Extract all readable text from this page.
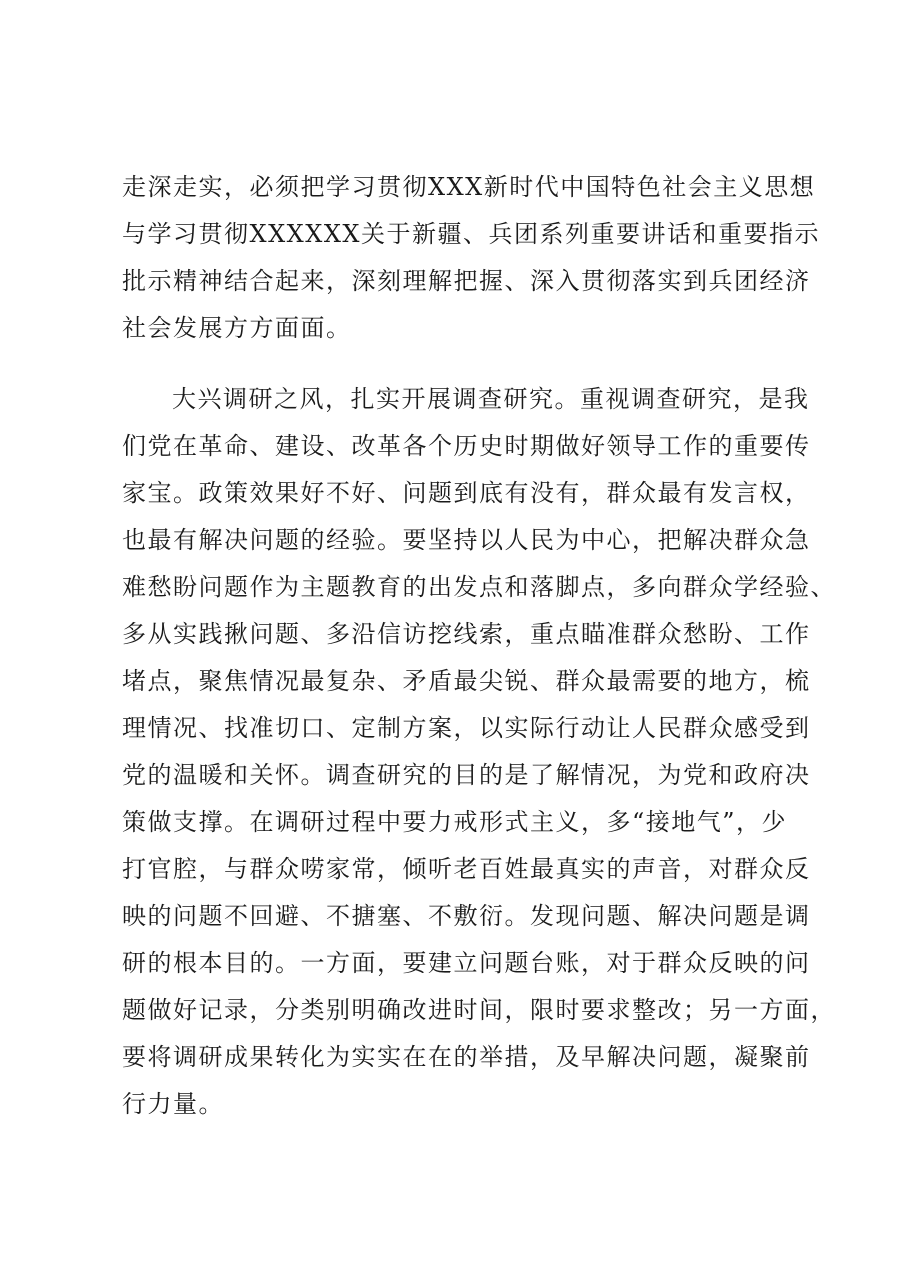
走深走实，必须把学习贯彻XXX新时代中国特色社会主义思想
与学习贯彻XXXXXX关于新疆、兵团系列重要讲话和重要指示
批示精神结合起来，深刻理解把握、深入贯彻落实到兵团经济
社会发展方方面面。
大兴调研之风，扎实开展调查研究。重视调查研究，是我
们党在革命、建设、改革各个历史时期做好领导工作的重要传
家宝。政策效果好不好、问题到底有没有，群众最有发言权，
也最有解决问题的经验。要坚持以人民为中心，把解决群众急
难愁盼问题作为主题教育的出发点和落脚点，多向群众学经验、
多从实践揪问题、多沿信访挖线索，重点瞄准群众愁盼、工作
堵点，聚焦情况最复杂、矛盾最尖锐、群众最需要的地方，梳
理情况、找准切口、定制方案，以实际行动让人民群众感受到
党的温暖和关怀。调查研究的目的是了解情况，为党和政府决
策做支撑。在调研过程中要力戒形式主义，多“接地气”，少
打官腔，与群众唠家常，倾听老百姓最真实的声音，对群众反
映的问题不回避、不搪塞、不敷衍。发现问题、解决问题是调
研的根本目的。一方面，要建立问题台账，对于群众反映的问
题做好记录，分类别明确改进时间，限时要求整改；另一方面，
要将调研成果转化为实实在在的举措，及早解决问题，凝聚前
行力量。
